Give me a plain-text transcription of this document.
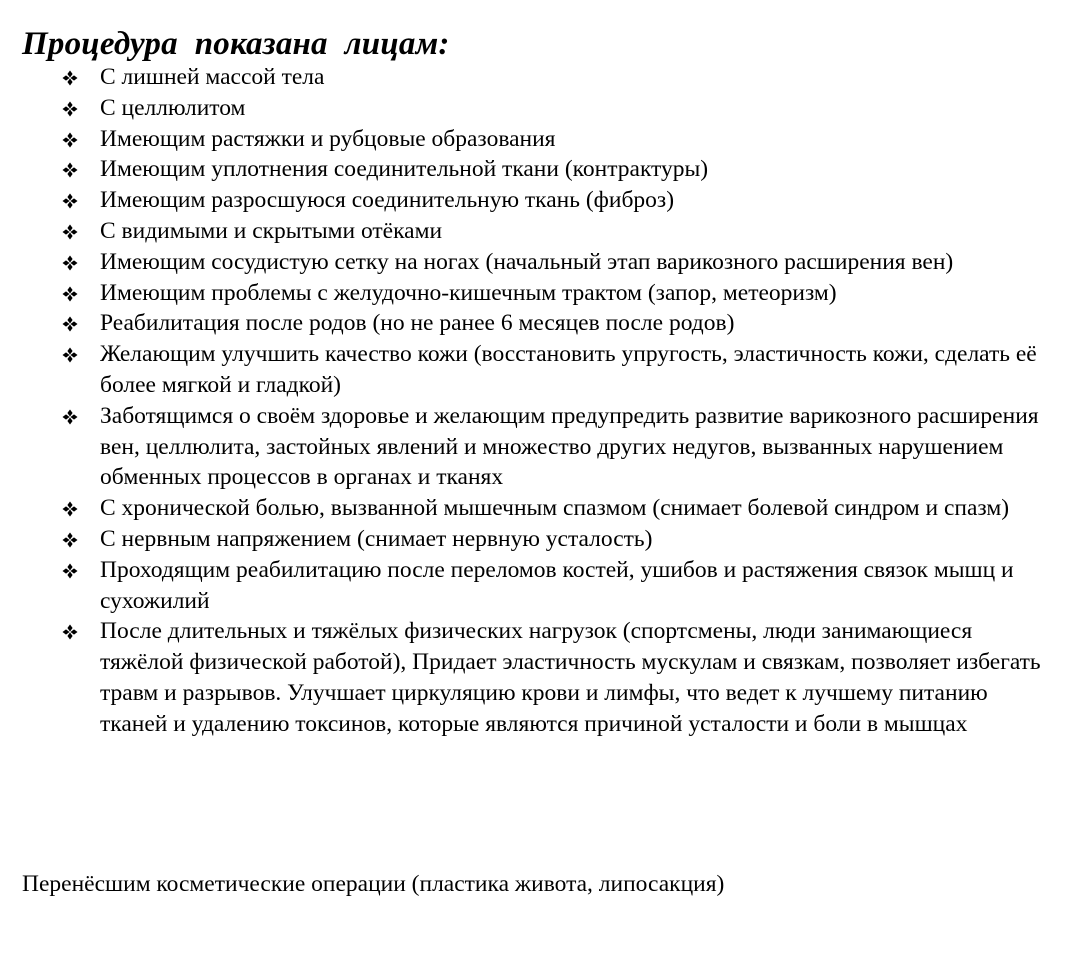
Процедура  показана  лицам:
С лишней массой тела
С целлюлитом
Имеющим растяжки и рубцовые образования
Имеющим уплотнения соединительной ткани (контрактуры)
Имеющим разросшуюся соединительную ткань (фиброз)
С видимыми и скрытыми отёками
Имеющим сосудистую сетку на ногах (начальный этап варикозного расширения вен)
Имеющим проблемы с желудочно-кишечным трактом (запор, метеоризм)
Реабилитация после родов (но не ранее 6 месяцев после родов)
Желающим улучшить качество кожи (восстановить упругость, эластичность кожи, сделать её более мягкой и гладкой)
Заботящимся о своём здоровье и желающим предупредить развитие варикозного расширения вен, целлюлита, застойных явлений и множество других недугов, вызванных нарушением обменных процессов в органах и тканях
С хронической болью, вызванной мышечным спазмом (снимает болевой синдром и спазм)
С нервным напряжением (снимает нервную усталость)
Проходящим реабилитацию после переломов костей, ушибов и растяжения связок мышц и сухожилий
После длительных и тяжёлых физических нагрузок (спортсмены, люди занимающиеся тяжёлой физической работой), Придает эластичность мускулам и связкам, позволяет избегать травм и разрывов. Улучшает циркуляцию крови и лимфы, что ведет к лучшему питанию тканей и удалению токсинов, которые являются причиной усталости и боли в мышцах

Перенёсшим косметические операции (пластика живота, липосакция)
